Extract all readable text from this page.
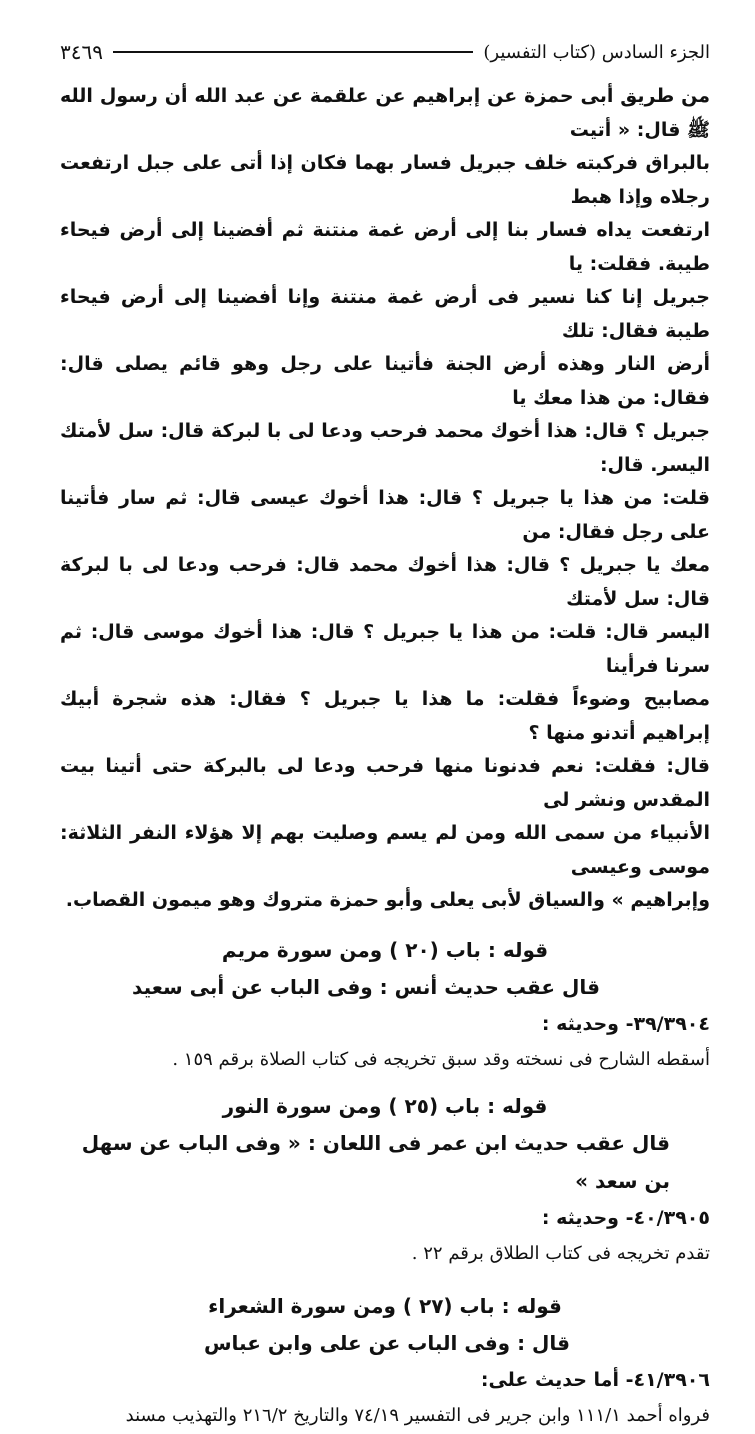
الجزء السادس (كتاب التفسير)
٣٤٦٩

من طريق أبى حمزة عن إبراهيم عن علقمة عن عبد الله أن رسول الله ﷺ قال: « أتيت

بالبراق فركبته خلف جبريل فسار بهما فكان إذا أتى على جبل ارتفعت رجلاه وإذا هبط

ارتفعت يداه فسار بنا إلى أرض غمة منتنة ثم أفضينا إلى أرض فيحاء طيبة. فقلت: يا

جبريل إنا كنا نسير فى أرض غمة منتنة وإنا أفضينا إلى أرض فيحاء طيبة فقال: تلك

أرض النار وهذه أرض الجنة فأتينا على رجل وهو قائم يصلى قال: فقال: من هذا معك يا

جبريل ؟ قال: هذا أخوك محمد فرحب ودعا لى با لبركة قال: سل لأمتك اليسر. قال:

قلت: من هذا يا جبريل ؟ قال: هذا أخوك عيسى قال: ثم سار فأتينا على رجل فقال: من

معك يا جبريل ؟ قال: هذا أخوك محمد قال: فرحب ودعا لى با لبركة قال: سل لأمتك

اليسر قال: قلت: من هذا يا جبريل ؟ قال: هذا أخوك موسى قال: ثم سرنا فرأينا

مصابيح وضوءاً فقلت: ما هذا يا جبريل ؟ فقال: هذه شجرة أبيك إبراهيم أتدنو منها ؟

قال: فقلت: نعم فدنونا منها فرحب ودعا لى بالبركة حتى أتينا بيت المقدس ونشر لى

الأنبياء من سمى الله ومن لم يسم وصليت بهم إلا هؤلاء النفر الثلاثة: موسى وعيسى

وإبراهيم » والسياق لأبى يعلى وأبو حمزة متروك وهو ميمون القصاب.

قوله : باب (٢٠ ) ومن سورة مريم
قال عقب حديث أنس : وفى الباب عن أبى سعيد
٣٩/٣٩٠٤- وحديثه :
أسقطه الشارح فى نسخته وقد سبق تخريجه فى كتاب الصلاة برقم ١٥٩ .
قوله : باب (٢٥ ) ومن سورة النور
قال عقب حديث ابن عمر فى اللعان : « وفى الباب عن سهل بن سعد »
٤٠/٣٩٠٥- وحديثه :
تقدم تخريجه فى كتاب الطلاق برقم ٢٢ .
قوله : باب (٢٧ ) ومن سورة الشعراء
قال : وفى الباب عن على وابن عباس
٤١/٣٩٠٦- أما حديث على:
فرواه أحمد ١١١/١ وابن جرير فى التفسير ٧٤/١٩ والتاريخ ٢١٦/٢ والتهذيب مسند
